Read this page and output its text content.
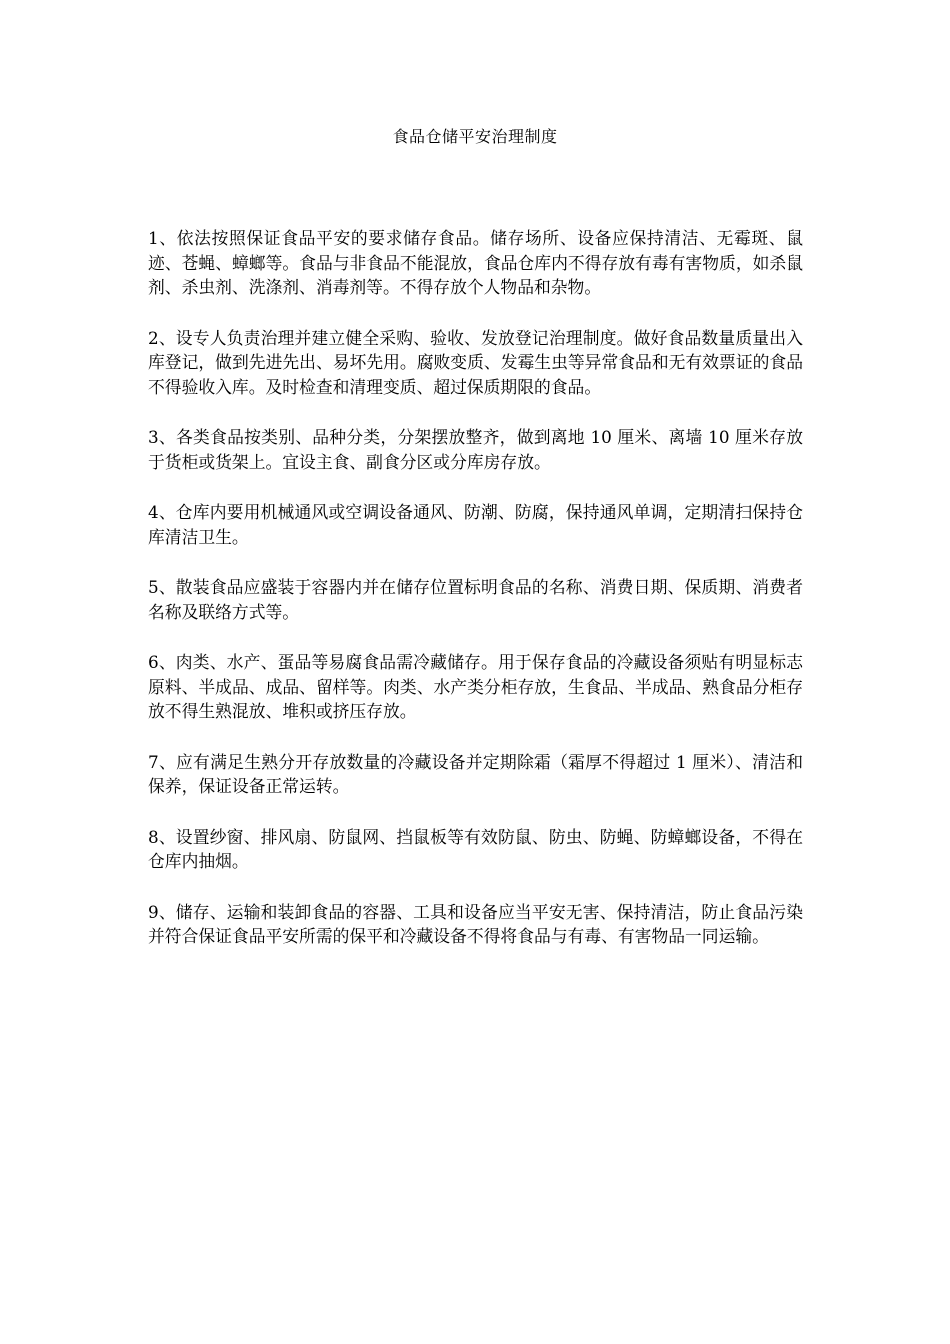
食品仓储平安治理制度

1、依法按照保证食品平安的要求储存食品。储存场所、设备应保持清洁、无霉斑、鼠迹、苍蝇、蟑螂等。食品与非食品不能混放，食品仓库内不得存放有毒有害物质，如杀鼠剂、杀虫剂、洗涤剂、消毒剂等。不得存放个人物品和杂物。

2、设专人负责治理并建立健全采购、验收、发放登记治理制度。做好食品数量质量出入库登记，做到先进先出、易坏先用。腐败变质、发霉生虫等异常食品和无有效票证的食品不得验收入库。及时检查和清理变质、超过保质期限的食品。

3、各类食品按类别、品种分类，分架摆放整齐，做到离地 10 厘米、离墙 10 厘米存放于货柜或货架上。宜设主食、副食分区或分库房存放。

4、仓库内要用机械通风或空调设备通风、防潮、防腐，保持通风单调，定期清扫保持仓库清洁卫生。

5、散装食品应盛装于容器内并在储存位置标明食品的名称、消费日期、保质期、消费者名称及联络方式等。

6、肉类、水产、蛋品等易腐食品需冷藏储存。用于保存食品的冷藏设备须贴有明显标志原料、半成品、成品、留样等。肉类、水产类分柜存放，生食品、半成品、熟食品分柜存放不得生熟混放、堆积或挤压存放。

7、应有满足生熟分开存放数量的冷藏设备并定期除霜（霜厚不得超过 1 厘米）、清洁和保养，保证设备正常运转。

8、设置纱窗、排风扇、防鼠网、挡鼠板等有效防鼠、防虫、防蝇、防蟑螂设备，不得在仓库内抽烟。

9、储存、运输和装卸食品的容器、工具和设备应当平安无害、保持清洁，防止食品污染并符合保证食品平安所需的保平和冷藏设备不得将食品与有毒、有害物品一同运输。
